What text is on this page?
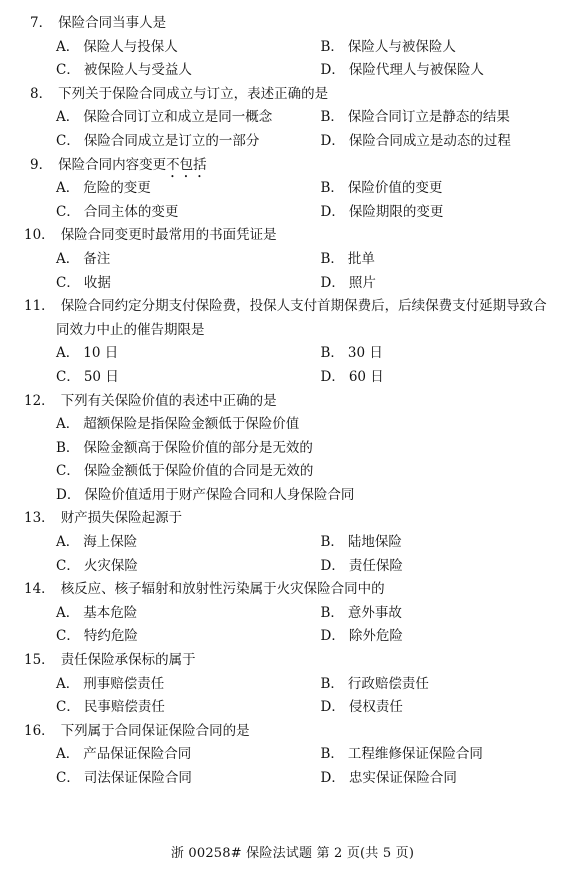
7． 保险合同当事人是
A． 保险人与投保人	B． 保险人与被保险人
C． 被保险人与受益人	D． 保险代理人与被保险人
8． 下列关于保险合同成立与订立，表述正确的是
A． 保险合同订立和成立是同一概念	B． 保险合同订立是静态的结果
C． 保险合同成立是订立的一部分	D． 保险合同成立是动态的过程
9． 保险合同内容变更不包括
A． 危险的变更	B． 保险价值的变更
C． 合同主体的变更	D． 保险期限的变更
10． 保险合同变更时最常用的书面凭证是
A． 备注	B． 批单
C． 收据	D． 照片
11． 保险合同约定分期支付保险费，投保人支付首期保费后，后续保费支付延期导致合
同效力中止的催告期限是
A． 10 日	B． 30 日
C． 50 日	D． 60 日
12． 下列有关保险价值的表述中正确的是
A． 超额保险是指保险金额低于保险价值
B． 保险金额高于保险价值的部分是无效的
C． 保险金额低于保险价值的合同是无效的
D． 保险价值适用于财产保险合同和人身保险合同
13． 财产损失保险起源于
A． 海上保险	B． 陆地保险
C． 火灾保险	D． 责任保险
14． 核反应、核子辐射和放射性污染属于火灾保险合同中的
A． 基本危险	B． 意外事故
C． 特约危险	D． 除外危险
15． 责任保险承保标的属于
A． 刑事赔偿责任	B． 行政赔偿责任
C． 民事赔偿责任	D． 侵权责任
16． 下列属于合同保证保险合同的是
A． 产品保证保险合同	B． 工程维修保证保险合同
C． 司法保证保险合同	D． 忠实保证保险合同
浙 00258# 保险法试题 第 2 页(共 5 页)
